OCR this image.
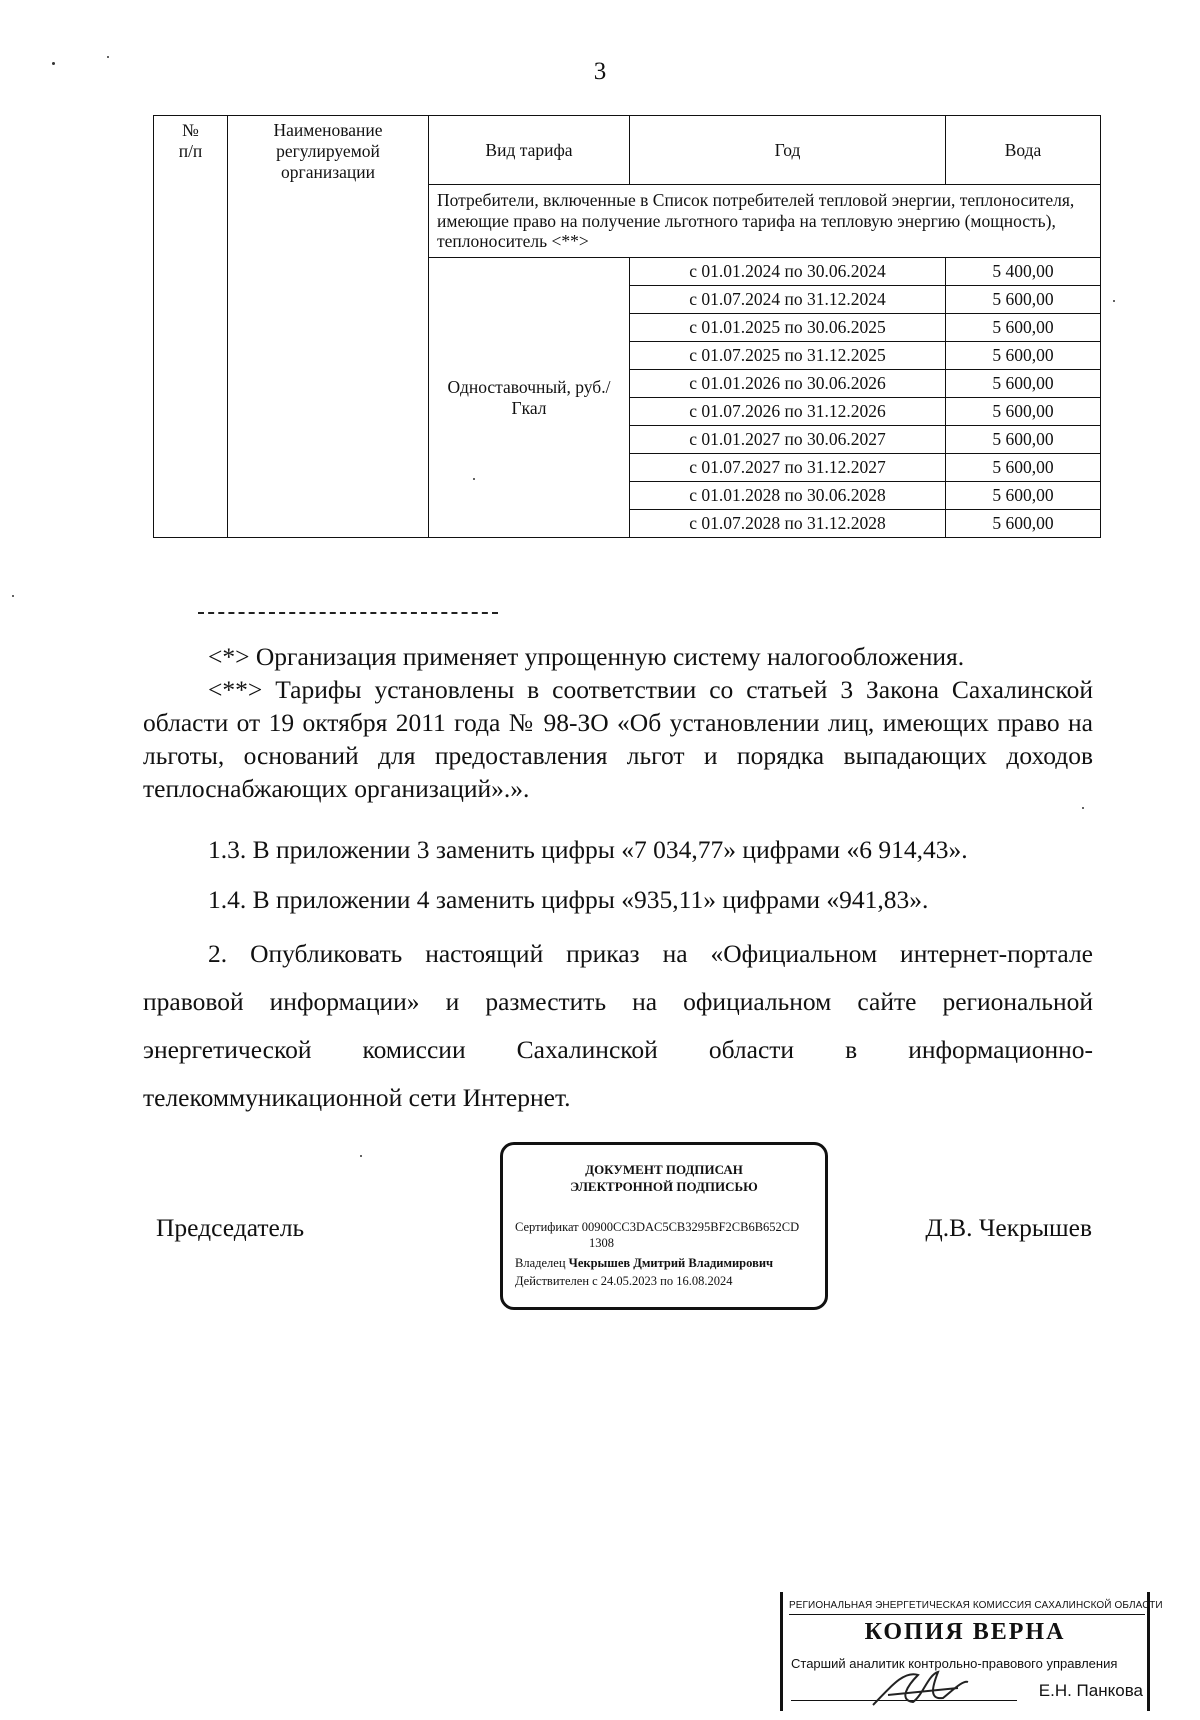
3
№
п/п	Наименование регулируемой организации	Вид тарифа	Год	Вода
		Потребители, включенные в Список потребителей тепловой энергии, теплоносителя, имеющие право на получение льготного тарифа на тепловую энергию (мощность), теплоноситель <**>		
		Одноставочный, руб./Гкал	с 01.01.2024 по 30.06.2024	5 400,00
			с 01.07.2024 по 31.12.2024	5 600,00
			с 01.01.2025 по 30.06.2025	5 600,00
			с 01.07.2025 по 31.12.2025	5 600,00
			с 01.01.2026 по 30.06.2026	5 600,00
			с 01.07.2026 по 31.12.2026	5 600,00
			с 01.01.2027 по 30.06.2027	5 600,00
			с 01.07.2027 по 31.12.2027	5 600,00
			с 01.01.2028 по 30.06.2028	5 600,00
			с 01.07.2028 по 31.12.2028	5 600,00
<*> Организация применяет упрощенную систему налогообложения.
<**> Тарифы установлены в соответствии со статьей 3 Закона Сахалинской области от 19 октября 2011 года № 98-ЗО «Об установлении лиц, имеющих право на льготы, оснований для предоставления льгот и порядка выпадающих доходов теплоснабжающих организаций».».
1.3. В приложении 3 заменить цифры «7 034,77» цифрами «6 914,43».
1.4. В приложении 4 заменить цифры «935,11» цифрами «941,83».
2. Опубликовать настоящий приказ на «Официальном интернет-портале правовой информации» и разместить на официальном сайте региональной энергетической комиссии Сахалинской области в информационно-телекоммуникационной сети Интернет.
Председатель	Д.В. Чекрышев
ДОКУМЕНТ ПОДПИСАН
ЭЛЕКТРОННОЙ ПОДПИСЬЮ
Сертификат 00900CC3DAC5CB3295BF2CB6B652CD
1308
Владелец Чекрышев Дмитрий Владимирович
Действителен с 24.05.2023 по 16.08.2024
РЕГИОНАЛЬНАЯ ЭНЕРГЕТИЧЕСКАЯ КОМИССИЯ САХАЛИНСКОЙ ОБЛАСТИ
КОПИЯ ВЕРНА
Старший аналитик контрольно-правового управления
Е.Н. Панкова
